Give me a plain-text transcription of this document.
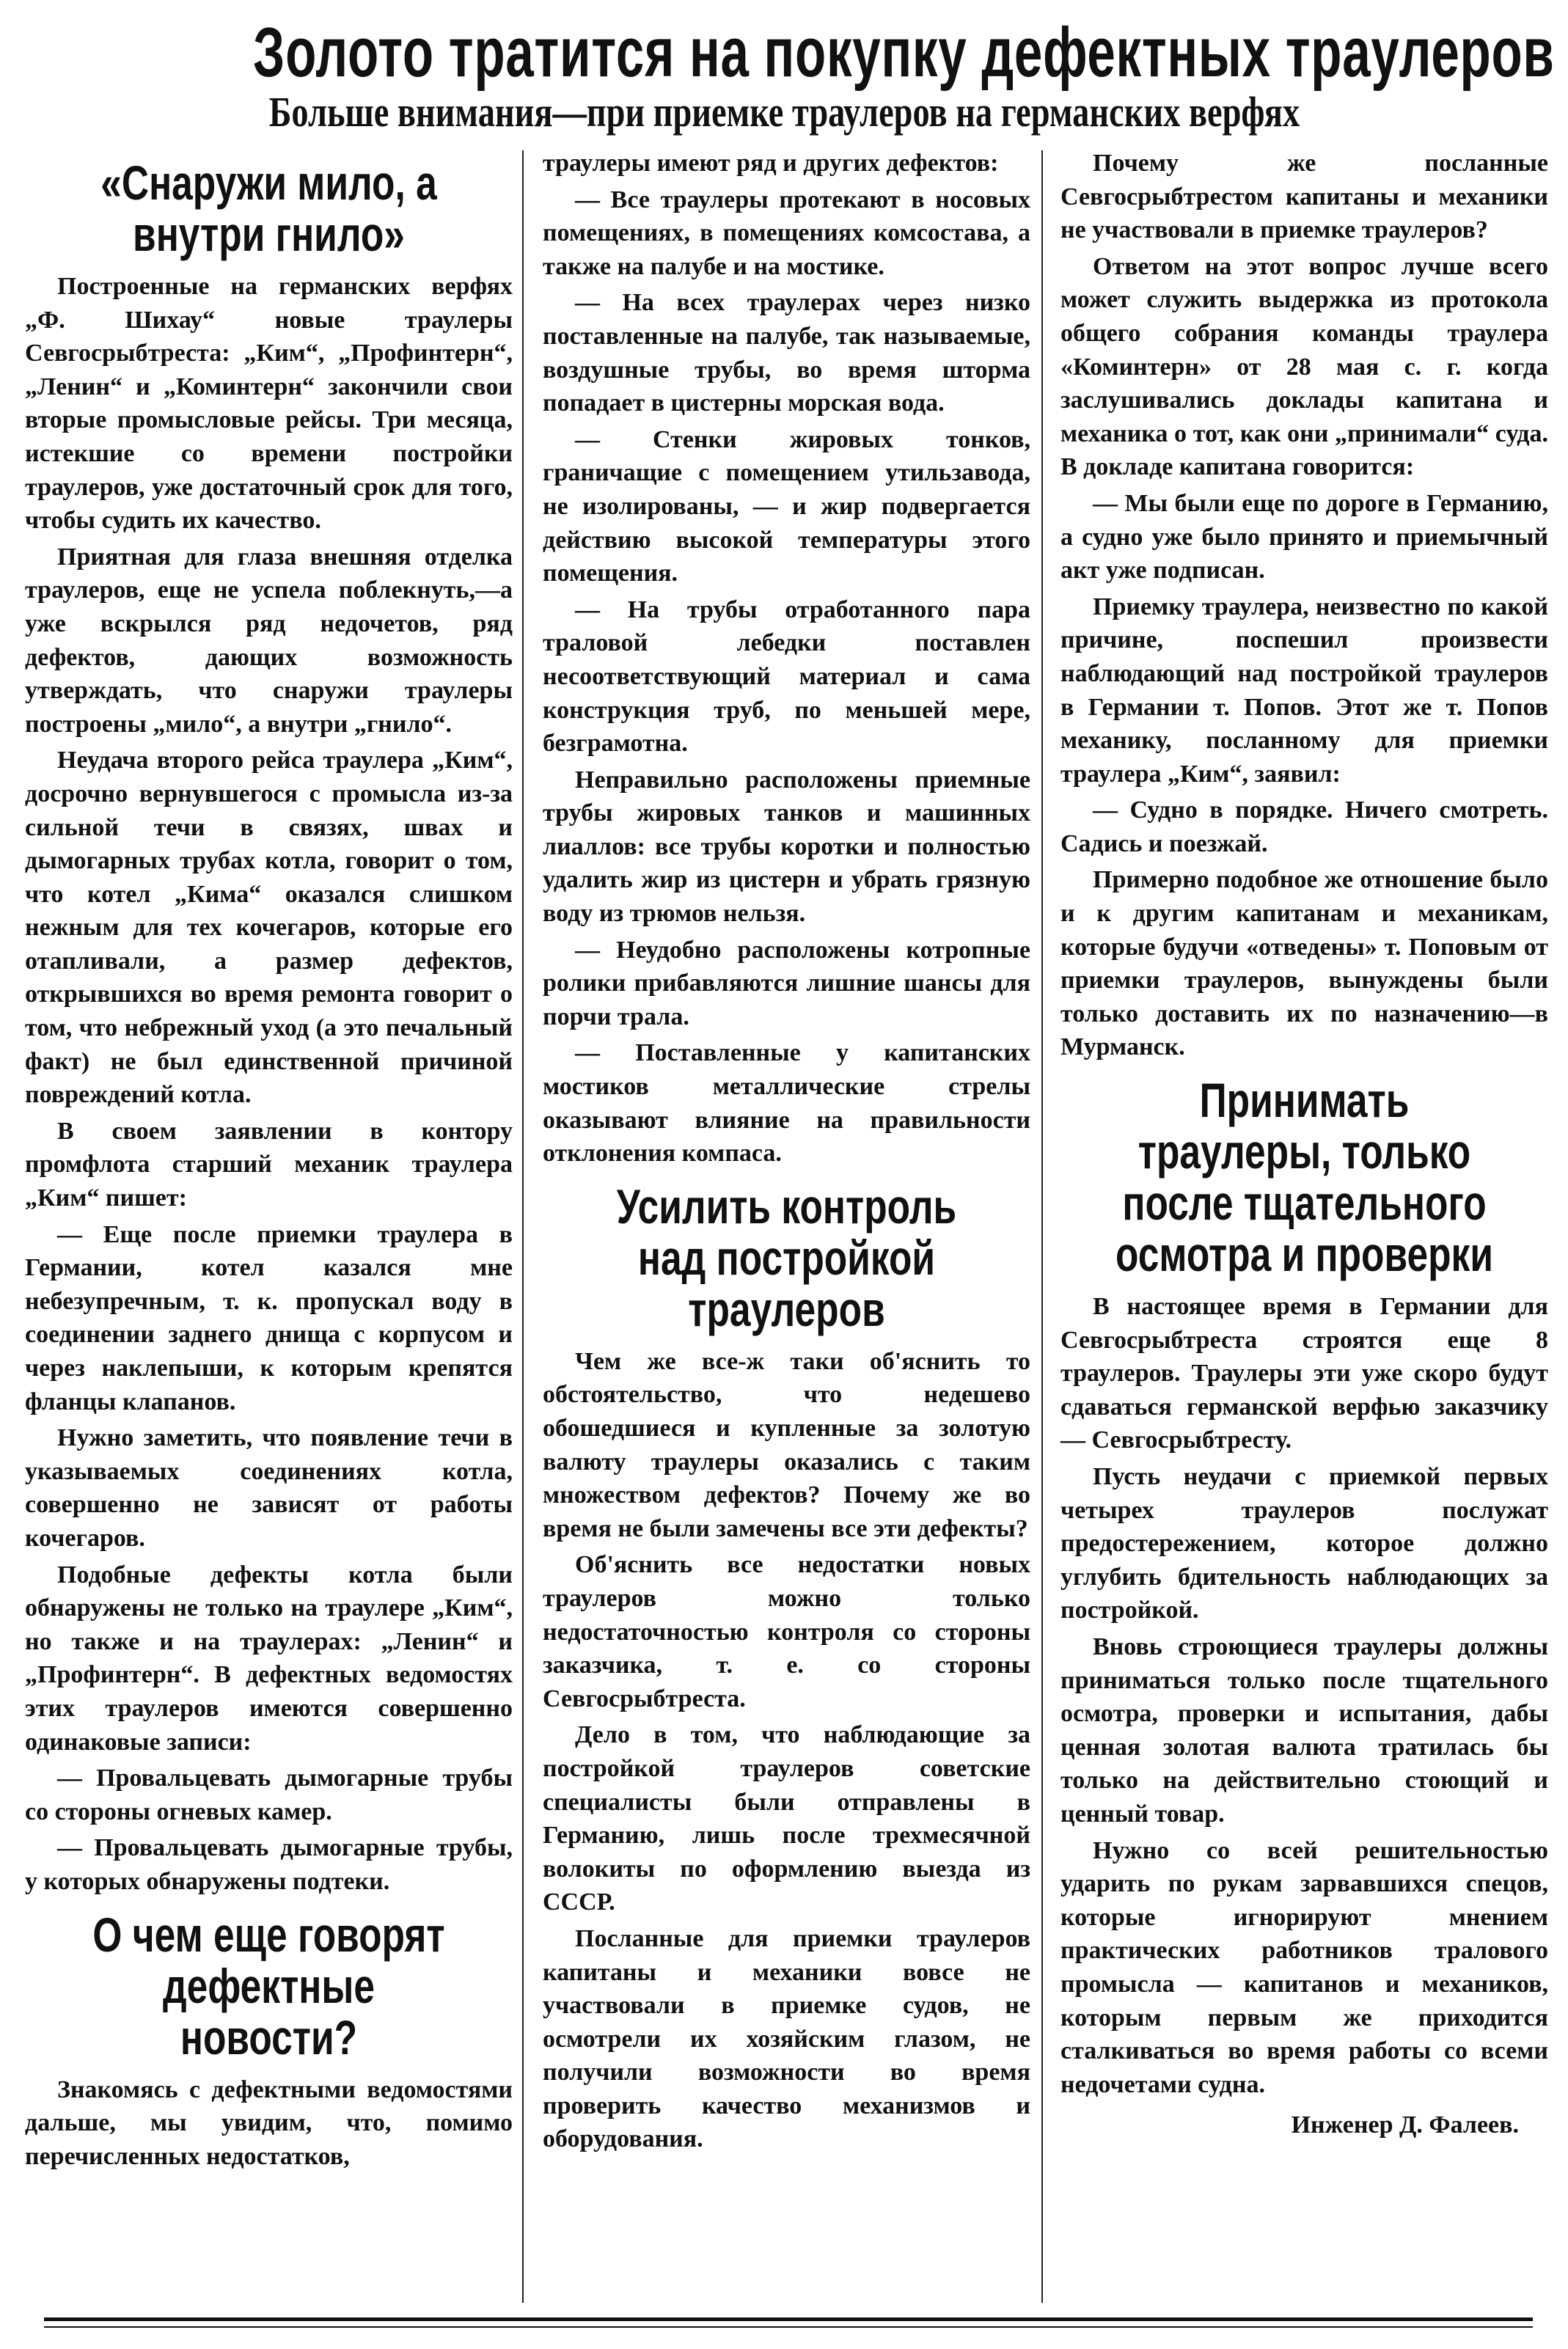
Золото тратится на покупку дефектных траулеров
Больше внимания—при приемке траулеров на германских верфях
«Снаружи мило, а внутри гнило»

Построенные на германских верфях „Ф. Шихау“ новые траулеры Севгосрыбтреста: „Ким“, „Профинтерн“, „Ленин“ и „Коминтерн“ закончили свои вторые промысловые рейсы. Три месяца, истекшие со времени постройки траулеров, уже достаточный срок для того, чтобы судить их качество.

Приятная для глаза внешняя отделка траулеров, еще не успела поблекнуть,—а уже вскрылся ряд недочетов, ряд дефектов, дающих возможность утверждать, что снаружи траулеры построены „мило“, а внутри „гнило“.

Неудача второго рейса траулера „Ким“, досрочно вернувшегося с промысла из-за сильной течи в связях, швах и дымогарных трубах котла, говорит о том, что котел „Кима“ оказался слишком нежным для тех кочегаров, которые его отапливали, а размер дефектов, открывшихся во время ремонта говорит о том, что небрежный уход (а это печальный факт) не был единственной причиной повреждений котла.

В своем заявлении в контору промфлота старший механик траулера „Ким“ пишет:

— Еще после приемки траулера в Германии, котел казался мне небезупречным, т. к. пропускал воду в соединении заднего днища с корпусом и через наклепыши, к которым крепятся фланцы клапанов.

Нужно заметить, что появление течи в указываемых соединениях котла, совершенно не зависят от работы кочегаров.

Подобные дефекты котла были обнаружены не только на траулере „Ким“, но также и на траулерах: „Ленин“ и „Профинтерн“. В дефектных ведомостях этих траулеров имеются совершенно одинаковые записи:

— Провальцевать дымогарные трубы со стороны огневых камер.

— Провальцевать дымогарные трубы, у которых обнаружены подтеки.

О чем еще говорят дефектные новости?

Знакомясь с дефектными ведомостями дальше, мы увидим, что, помимо перечисленных недостатков,

траулеры имеют ряд и других дефектов:

— Все траулеры протекают в носовых помещениях, в помещениях комсостава, а также на палубе и на мостике.

— На всех траулерах через низко поставленные на палубе, так называемые, воздушные трубы, во время шторма попадает в цистерны морская вода.

— Стенки жировых тонков, граничащие с помещением утильзавода, не изолированы, — и жир подвергается действию высокой температуры этого помещения.

— На трубы отработанного пара траловой лебедки поставлен несоответствующий материал и сама конструкция труб, по меньшей мере, безграмотна.

Неправильно расположены приемные трубы жировых танков и машинных лиаллов: все трубы коротки и полностью удалить жир из цистерн и убрать грязную воду из трюмов нельзя.

— Неудобно расположены котропные ролики прибавляются лишние шансы для порчи трала.

— Поставленные у капитанских мостиков металлические стрелы оказывают влияние на правильности отклонения компаса.

Усилить контроль над постройкой траулеров

Чем же все-ж таки об'яснить то обстоятельство, что недешево обошедшиеся и купленные за золотую валюту траулеры оказались с таким множеством дефектов? Почему же во время не были замечены все эти дефекты?

Об'яснить все недостатки новых траулеров можно только недостаточностью контроля со стороны заказчика, т. е. со стороны Севгосрыбтреста.

Дело в том, что наблюдающие за постройкой траулеров советские специалисты были отправлены в Германию, лишь после трехмесячной волокиты по оформлению выезда из СССР.

Посланные для приемки траулеров капитаны и механики вовсе не участвовали в приемке судов, не осмотрели их хозяйским глазом, не получили возможности во время проверить качество механизмов и оборудования.

Почему же посланные Севгосрыбтрестом капитаны и механики не участвовали в приемке траулеров?

Ответом на этот вопрос лучше всего может служить выдержка из протокола общего собрания команды траулера «Коминтерн» от 28 мая с. г. когда заслушивались доклады капитана и механика о тот, как они „принимали“ суда. В докладе капитана говорится:

— Мы были еще по дороге в Германию, а судно уже было принято и приемычный акт уже подписан.

Приемку траулера, неизвестно по какой причине, поспешил произвести наблюдающий над постройкой траулеров в Германии т. Попов. Этот же т. Попов механику, посланному для приемки траулера „Ким“, заявил:

— Судно в порядке. Ничего смотреть. Садись и поезжай.

Примерно подобное же отношение было и к другим капитанам и механикам, которые будучи «отведены» т. Поповым от приемки траулеров, вынуждены были только доставить их по назначению—в Мурманск.

Принимать траулеры, только после тщательного осмотра и проверки

В настоящее время в Германии для Севгосрыбтреста строятся еще 8 траулеров. Траулеры эти уже скоро будут сдаваться германской верфью заказчику — Севгосрыбтресту.

Пусть неудачи с приемкой первых четырех траулеров послужат предостережением, которое должно углубить бдительность наблюдающих за постройкой.

Вновь строющиеся траулеры должны приниматься только после тщательного осмотра, проверки и испытания, дабы ценная золотая валюта тратилась бы только на действительно стоющий и ценный товар.

Нужно со всей решительностью ударить по рукам зарвавшихся спецов, которые игнорируют мнением практических работников тралового промысла — капитанов и механиков, которым первым же приходится сталкиваться во время работы со всеми недочетами судна.

Инженер Д. Фалеев.
